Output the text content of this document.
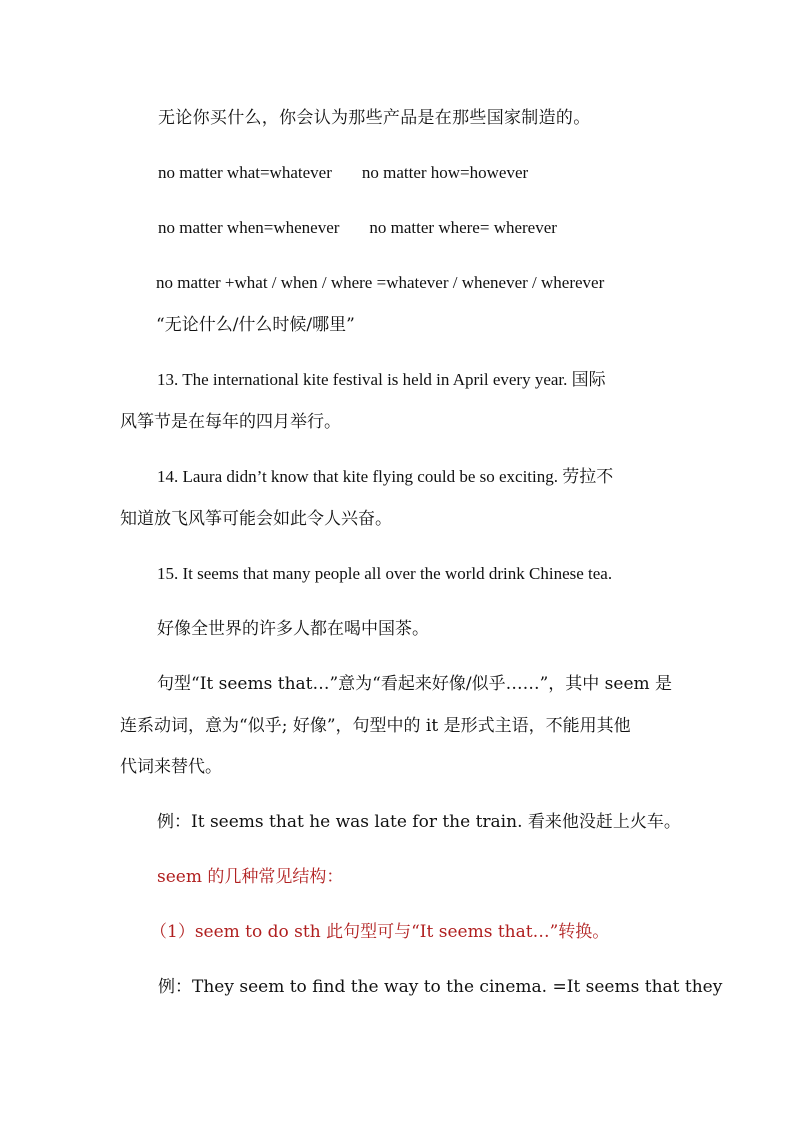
无论你买什么，你会认为那些产品是在那些国家制造的。
no matter what=whatever no matter how=however
no matter when=whenever no matter where= wherever
no matter +what / when / where =whatever / whenever / wherever
“无论什么/什么时候/哪里”
13. The international kite festival is held in April every year. 国际
风筝节是在每年的四月举行。
14. Laura didn’t know that kite flying could be so exciting. 劳拉不
知道放飞风筝可能会如此令人兴奋。
15. It seems that many people all over the world drink Chinese tea.
好像全世界的许多人都在喝中国茶。
句型“It seems that…”意为“看起来好像/似乎……”，其中 seem 是
连系动词，意为“似乎; 好像”，句型中的 it 是形式主语，不能用其他
代词来替代。
例：It seems that he was late for the train. 看来他没赶上火车。
seem 的几种常见结构：
（1）seem to do sth 此句型可与“It seems that…”转换。
例：They seem to find the way to the cinema. =It seems that they
